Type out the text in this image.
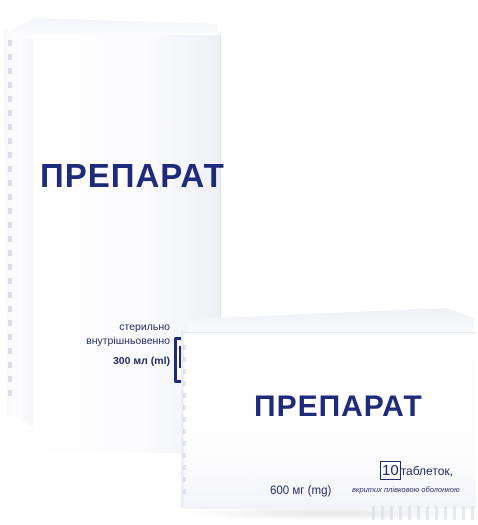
ПРЕПАРАТ
стерильно
внутрішньовенно
300 мл (ml)
ПРЕПАРАТ
10 таблеток,
600 мг (mg)	вкритих плівковою оболонкою
